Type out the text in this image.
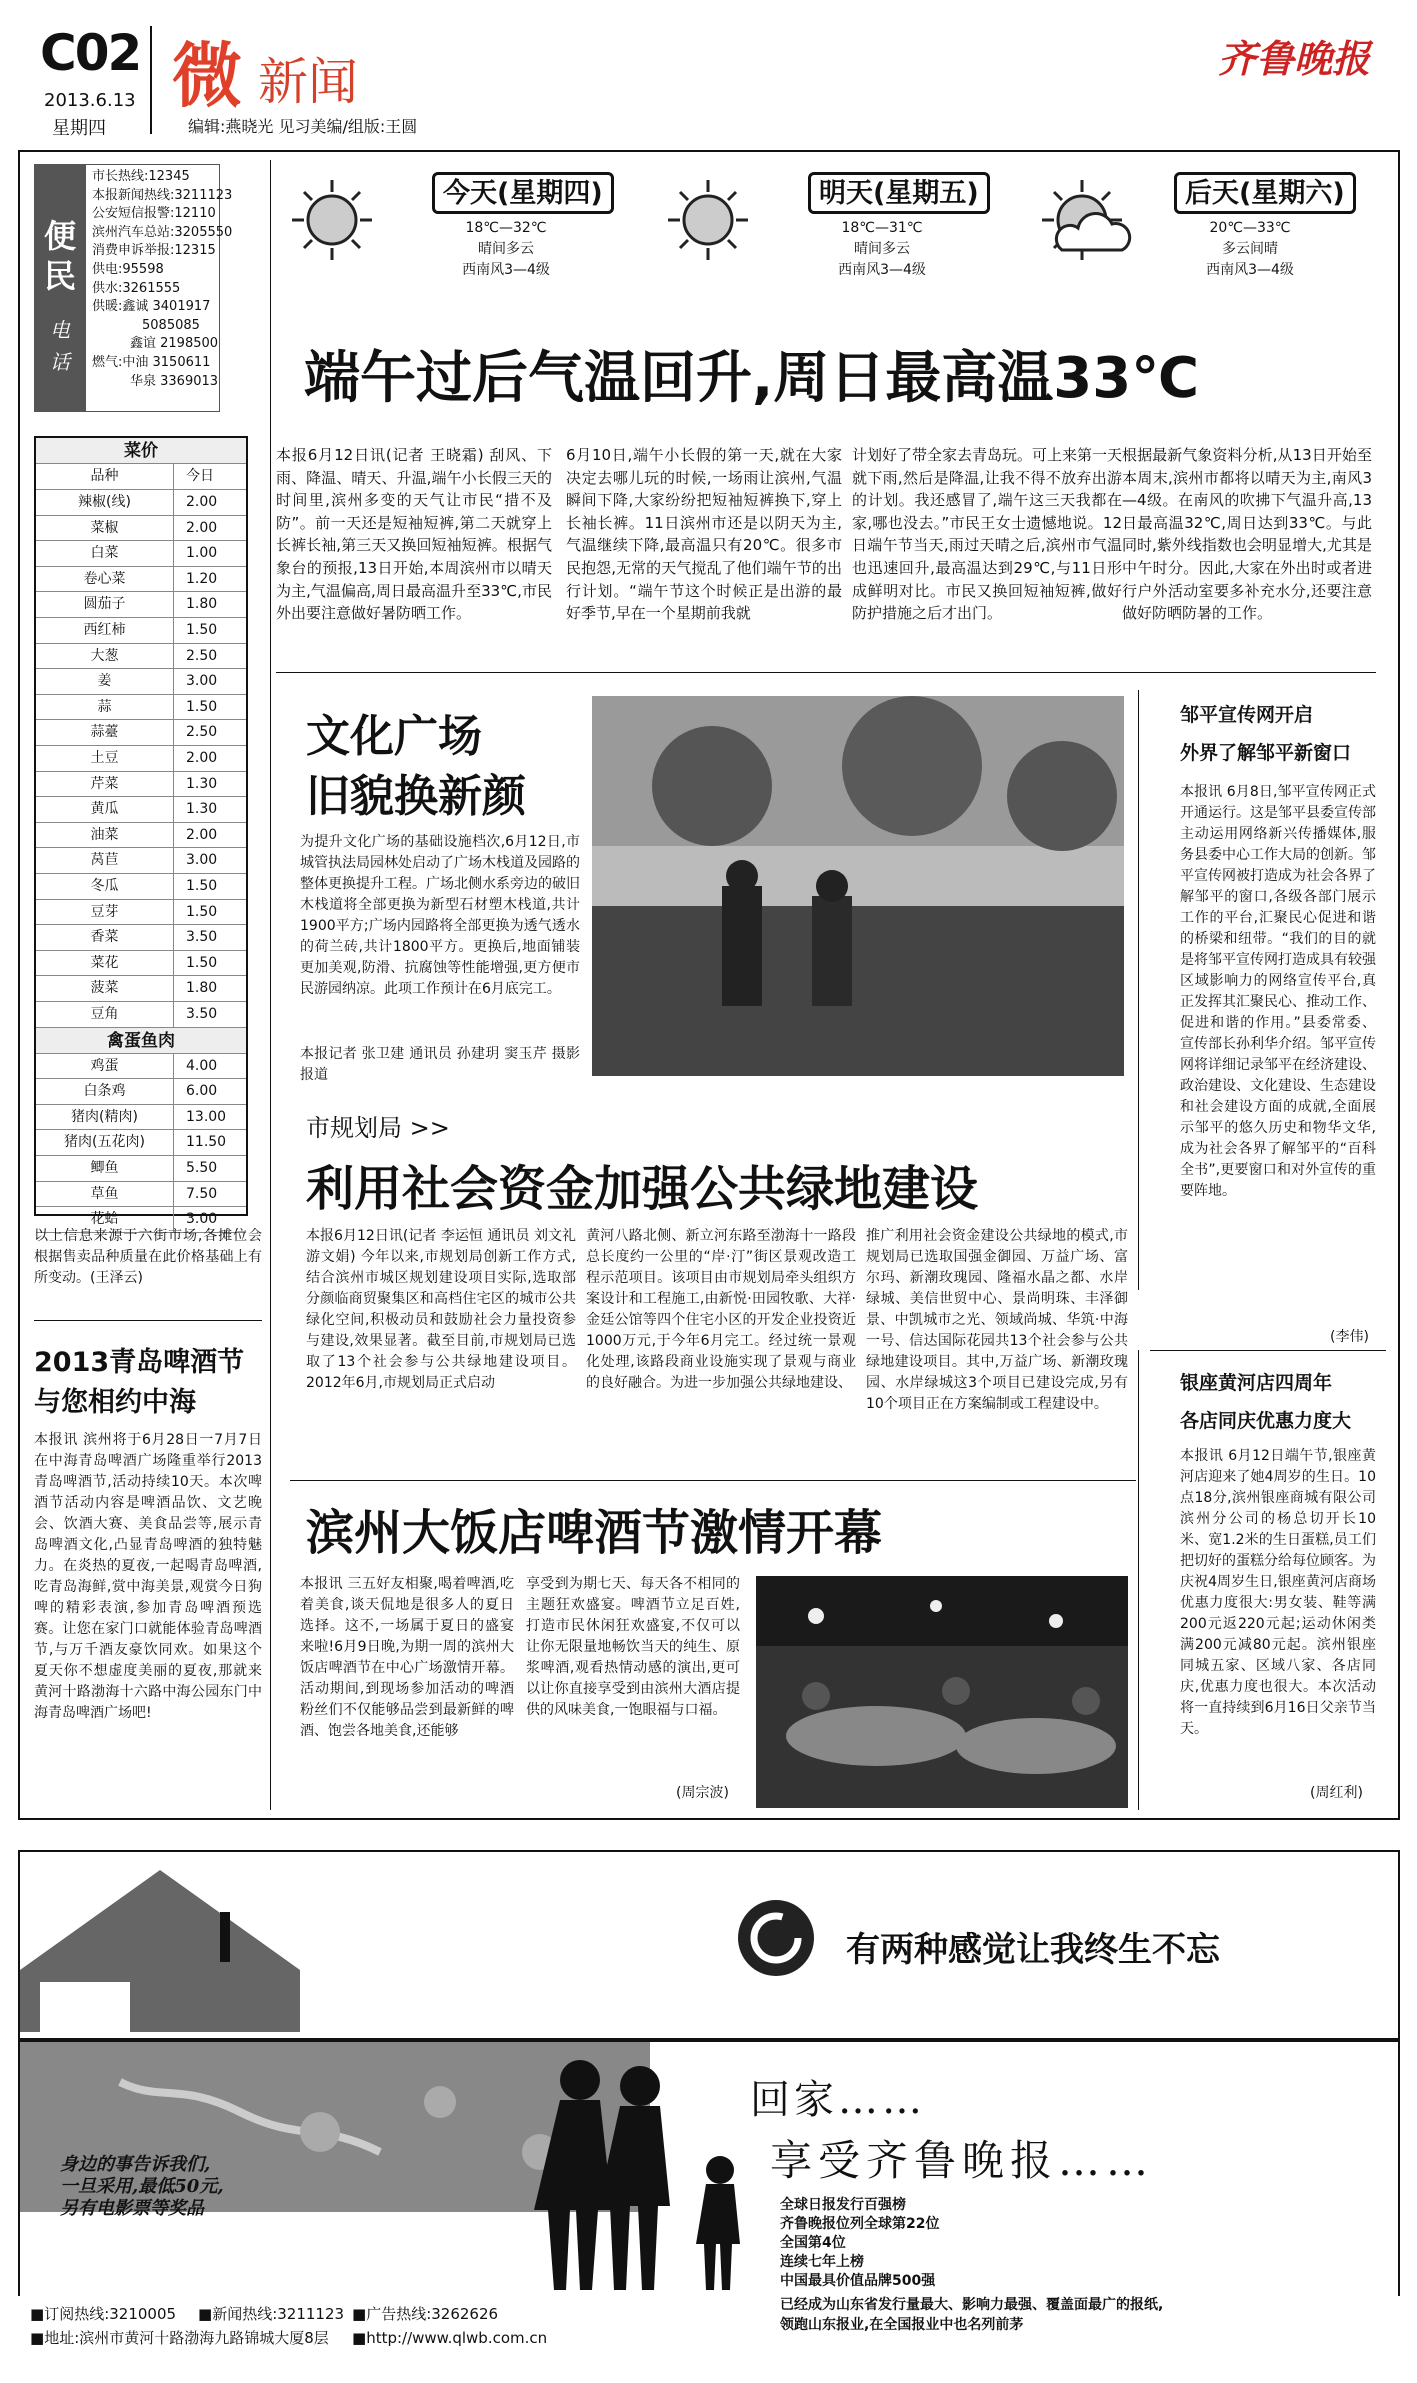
C02
2013.6.13
星期四
微 新闻
编辑:燕晓光 见习美编/组版:王圆
齐鲁晚报
便民
电话
市长热线:12345
本报新闻热线:3211123
公安短信报警:12110
滨州汽车总站:3205550
消费申诉举报:12315
供电:95598
供水:3261555
供暖:鑫诚 3401917
5085085
鑫谊 2198500
燃气:中油 3150611
华泉 3369013
今天(星期四)
18℃—32℃
晴间多云
西南风3—4级
明天(星期五)
18℃—31℃
晴间多云
西南风3—4级
后天(星期六)
20℃—33℃
多云间晴
西南风3—4级
端午过后气温回升,周日最高温33℃
本报6月12日讯(记者 王晓霜) 刮风、下雨、降温、晴天、升温,端午小长假三天的时间里,滨州多变的天气让市民“措不及防”。前一天还是短袖短裤,第二天就穿上长裤长袖,第三天又换回短袖短裤。根据气象台的预报,13日开始,本周滨州市以晴天为主,气温偏高,周日最高温升至33℃,市民外出要注意做好暑防晒工作。
6月10日,端午小长假的第一天,就在大家决定去哪儿玩的时候,一场雨让滨州,气温瞬间下降,大家纷纷把短袖短裤换下,穿上长袖长裤。11日滨州市还是以阴天为主,气温继续下降,最高温只有20℃。很多市民抱怨,无常的天气搅乱了他们端午节的出行计划。“端午节这个时候正是出游的最好季节,早在一个星期前我就
计划好了带全家去青岛玩。可上来第一天就下雨,然后是降温,让我不得不放弃出游的计划。我还感冒了,端午这三天我都在家,哪也没去。”市民王女士遗憾地说。12日端午节当天,雨过天晴之后,滨州市气温也迅速回升,最高温达到29℃,与11日形成鲜明对比。市民又换回短袖短裤,做好防护措施之后才出门。
根据最新气象资料分析,从13日开始至本周末,滨州市都将以晴天为主,南风3—4级。在南风的吹拂下气温升高,13日最高温32℃,周日达到33℃。与此同时,紫外线指数也会明显增大,尤其是中午时分。因此,大家在外出时或者进行户外活动室要多补充水分,还要注意做好防晒防暑的工作。
菜价
品种	今日
辣椒(线)	2.00
菜椒	2.00
白菜	1.00
卷心菜	1.20
圆茄子	1.80
西红柿	1.50
大葱	2.50
姜	3.00
蒜	1.50
蒜薹	2.50
土豆	2.00
芹菜	1.30
黄瓜	1.30
油菜	2.00
莴苣	3.00
冬瓜	1.50
豆芽	1.50
香菜	3.50
菜花	1.50
菠菜	1.80
豆角	3.50
禽蛋鱼肉
鸡蛋	4.00
白条鸡	6.00
猪肉(精肉)	13.00
猪肉(五花肉)	11.50
鲫鱼	5.50
草鱼	7.50
花蛤	3.00
以上信息来源于六街市场,各摊位会根据售卖品种质量在此价格基础上有所变动。(王泽云)
2013青岛啤酒节
与您相约中海
本报讯 滨州将于6月28日一7月7日在中海青岛啤酒广场隆重举行2013青岛啤酒节,活动持续10天。本次啤酒节活动内容是啤酒品饮、文艺晚会、饮酒大赛、美食品尝等,展示青岛啤酒文化,凸显青岛啤酒的独特魅力。在炎热的夏夜,一起喝青岛啤酒,吃青岛海鲜,赏中海美景,观赏今日狗啤的精彩表演,参加青岛啤酒预选赛。让您在家门口就能体验青岛啤酒节,与万千酒友豪饮同欢。如果这个夏天你不想虚度美丽的夏夜,那就来黄河十路渤海十六路中海公园东门中海青岛啤酒广场吧!
文化广场
旧貌换新颜
为提升文化广场的基础设施档次,6月12日,市城管执法局园林处启动了广场木栈道及园路的整体更换提升工程。广场北侧水系旁边的破旧木栈道将全部更换为新型石材塑木栈道,共计1900平方;广场内园路将全部更换为透气透水的荷兰砖,共计1800平方。更换后,地面铺装更加美观,防滑、抗腐蚀等性能增强,更方便市民游园纳凉。此项工作预计在6月底完工。
本报记者 张卫建 通讯员 孙建玥 窦玉芹 摄影报道
邹平宣传网开启
外界了解邹平新窗口
本报讯 6月8日,邹平宣传网正式开通运行。这是邹平县委宣传部主动运用网络新兴传播媒体,服务县委中心工作大局的创新。邹平宣传网被打造成为社会各界了解邹平的窗口,各级各部门展示工作的平台,汇聚民心促进和谐的桥梁和纽带。“我们的目的就是将邹平宣传网打造成具有较强区域影响力的网络宣传平台,真正发挥其汇聚民心、推动工作、促进和谐的作用。”县委常委、宣传部长孙利华介绍。邹平宣传网将详细记录邹平在经济建设、政治建设、文化建设、生态建设和社会建设方面的成就,全面展示邹平的悠久历史和物华文华,成为社会各界了解邹平的“百科全书”,更要窗口和对外宣传的重要阵地。
(李伟)
银座黄河店四周年
各店同庆优惠力度大
本报讯 6月12日端午节,银座黄河店迎来了她4周岁的生日。10点18分,滨州银座商城有限公司滨州分公司的杨总切开长10米、宽1.2米的生日蛋糕,员工们把切好的蛋糕分给每位顾客。为庆祝4周岁生日,银座黄河店商场优惠力度很大:男女装、鞋等满200元返220元起;运动休闲类满200元减80元起。滨州银座同城五家、区域八家、各店同庆,优惠力度也很大。本次活动将一直持续到6月16日父亲节当天。
(周红利)
市规划局 >>
利用社会资金加强公共绿地建设
本报6月12日讯(记者 李运恒 通讯员 刘文礼 游文娟) 今年以来,市规划局创新工作方式,结合滨州市城区规划建设项目实际,选取部分颜临商贸聚集区和高档住宅区的城市公共绿化空间,积极动员和鼓励社会力量投资参与建设,效果显著。截至目前,市规划局已选取了13个社会参与公共绿地建设项目。2012年6月,市规划局正式启动
黄河八路北侧、新立河东路至渤海十一路段总长度约一公里的“岸·汀”街区景观改造工程示范项目。该项目由市规划局牵头组织方案设计和工程施工,由新悦·田园牧歌、大祥·金廷公馆等四个住宅小区的开发企业投资近1000万元,于今年6月完工。经过统一景观化处理,该路段商业设施实现了景观与商业的良好融合。为进一步加强公共绿地建设、
推广利用社会资金建设公共绿地的模式,市规划局已选取国强金御园、万益广场、富尔玛、新潮玫瑰园、隆福水晶之都、水岸绿城、美信世贸中心、景尚明珠、丰泽御景、中凯城市之光、领域尚城、华筑·中海一号、信达国际花园共13个社会参与公共绿地建设项目。其中,万益广场、新潮玫瑰园、水岸绿城这3个项目已建设完成,另有10个项目正在方案编制或工程建设中。
滨州大饭店啤酒节激情开幕
本报讯 三五好友相聚,喝着啤酒,吃着美食,谈天侃地是很多人的夏日选择。这不,一场属于夏日的盛宴来啦!6月9日晚,为期一周的滨州大饭店啤酒节在中心广场激情开幕。活动期间,到现场参加活动的啤酒粉丝们不仅能够品尝到最新鲜的啤酒、饱尝各地美食,还能够
享受到为期七天、每天各不相同的主题狂欢盛宴。啤酒节立足百姓,打造市民休闲狂欢盛宴,不仅可以让你无限量地畅饮当天的纯生、原浆啤酒,观看热情动感的演出,更可以让你直接享受到由滨州大酒店提供的风味美食,一饱眼福与口福。
(周宗波)
有两种感觉让我终生不忘
回家……
享受齐鲁晚报……
全球日报发行百强榜
齐鲁晚报位列全球第22位
全国第4位
连续七年上榜
中国最具价值品牌500强
已经成为山东省发行量最大、影响力最强、覆盖面最广的报纸,
领跑山东报业,在全国报业中也名列前茅
身边的事告诉我们,
一旦采用,最低50元,
另有电影票等奖品
■订阅热线:3210005 ■新闻热线:3211123 ■广告热线:3262626
■地址:滨州市黄河十路渤海九路锦城大厦8层 ■http://www.qlwb.com.cn
